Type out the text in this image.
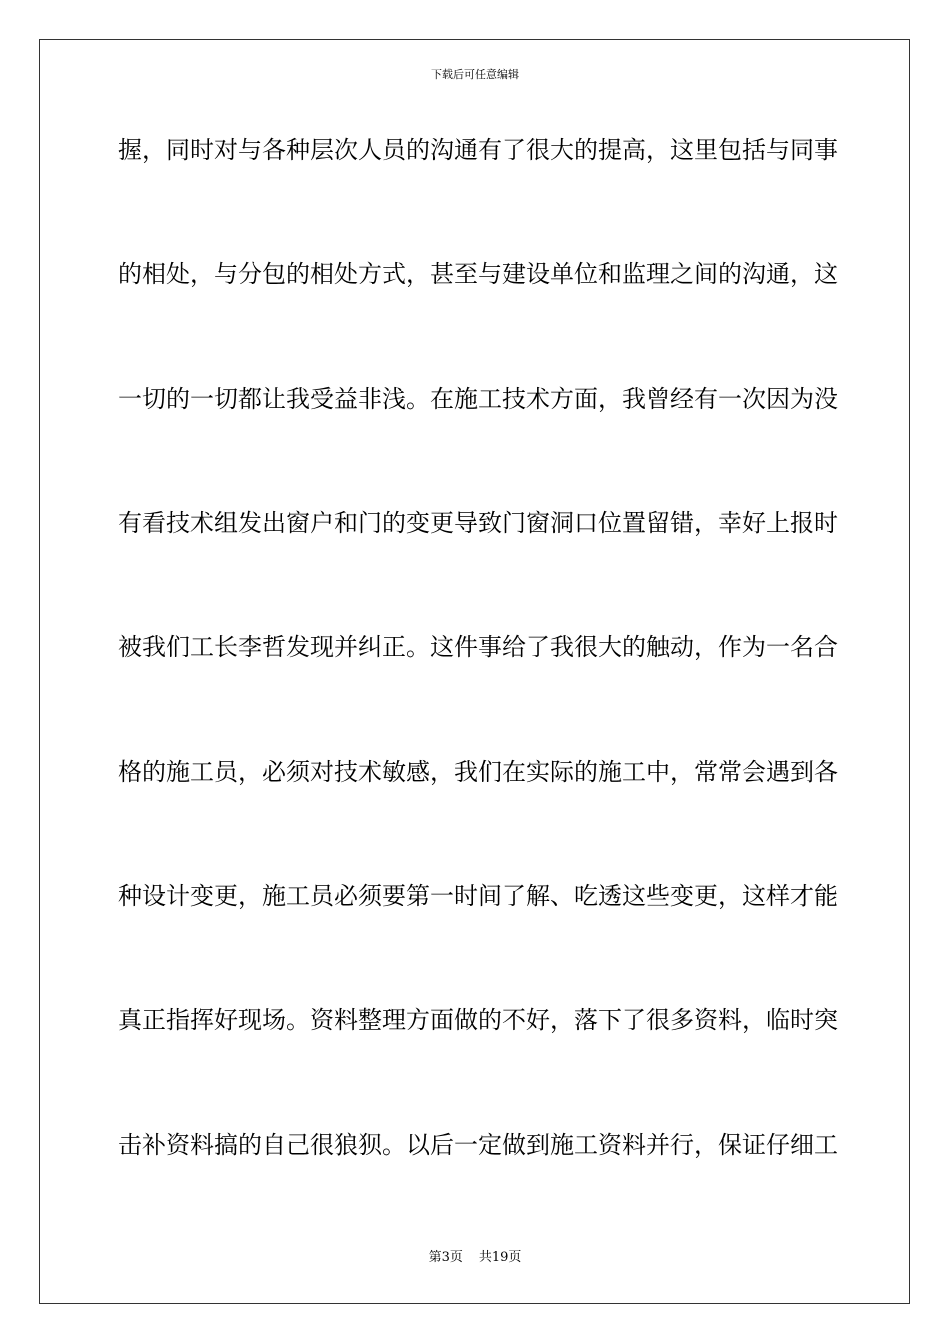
下载后可任意编辑
握，同时对与各种层次人员的沟通有了很大的提高，这里包括与同事
的相处，与分包的相处方式，甚至与建设单位和监理之间的沟通，这
一切的一切都让我受益非浅。在施工技术方面，我曾经有一次因为没
有看技术组发出窗户和门的变更导致门窗洞口位置留错，幸好上报时
被我们工长李哲发现并纠正。这件事给了我很大的触动，作为一名合
格的施工员，必须对技术敏感，我们在实际的施工中，常常会遇到各
种设计变更，施工员必须要第一时间了解、吃透这些变更，这样才能
真正指挥好现场。资料整理方面做的不好，落下了很多资料，临时突
击补资料搞的自己很狼狈。以后一定做到施工资料并行，保证仔细工
第3页 共19页
